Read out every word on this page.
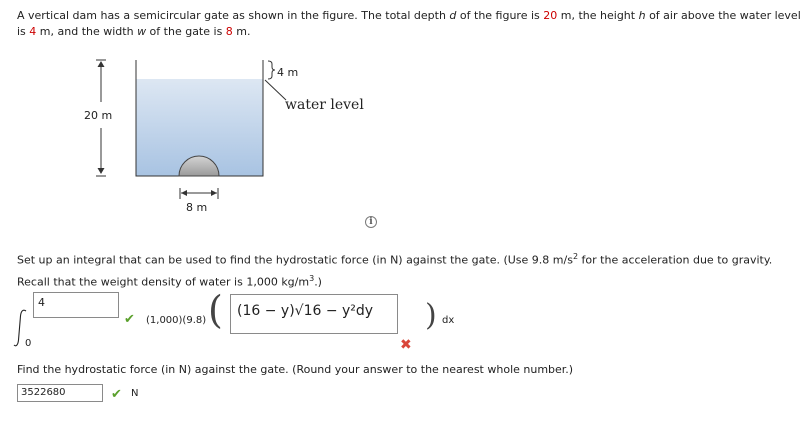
A vertical dam has a semicircular gate as shown in the figure. The total depth d of the figure is 20 m, the height h of air above the water level is 4 m, and the width w of the gate is 8 m.
4 m
water level
20 m
8 m
i
Set up an integral that can be used to find the hydrostatic force (in N) against the gate. (Use 9.8 $m/s^2$ for the acceleration due to gravity.
Recall that the weight density of water is 1,000 $kg/m^3$.)
4
✔
0
(1,000)(9.8) (	(16 − y)√16 − y²dy
✖
) dx
Find the hydrostatic force (in N) against the gate. (Round your answer to the nearest whole number.)
3522680	✔ N
